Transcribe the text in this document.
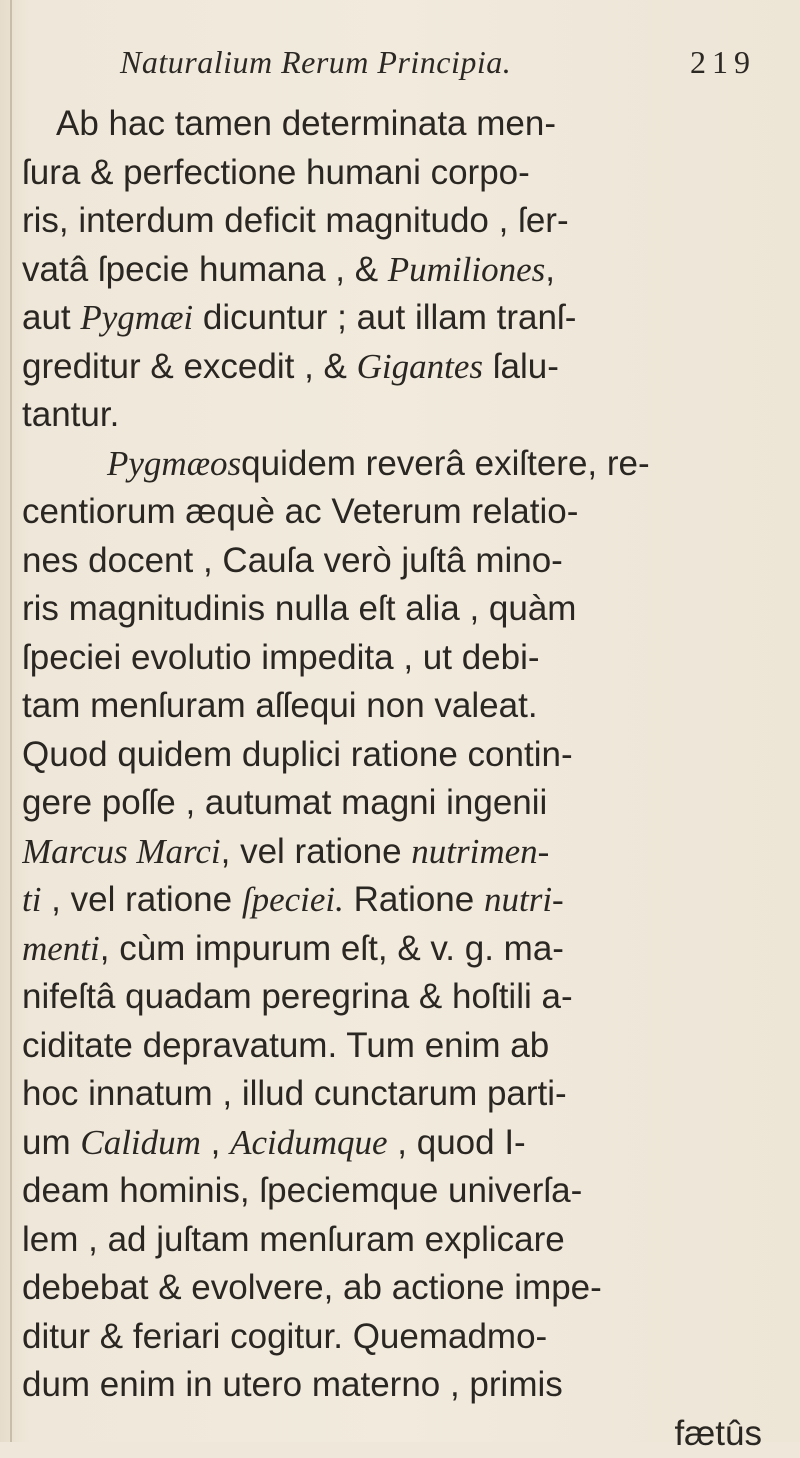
Naturalium Rerum Principia.	219
Ab hac tamen determinata men-
ſura & perfectione humani corpo-
ris, interdum deficit magnitudo , ſer-
vatâ ſpecie humana , & Pumiliones,
aut Pygmæi dicuntur ; aut illam tranſ-
greditur & excedit , & Gigantes ſalu-
tantur.
Pygmæosquidem reverâ exiſtere, re-
centiorum æquè ac Veterum relatio-
nes docent , Cauſa verò juſtâ mino-
ris magnitudinis nulla eſt alia , quàm
ſpeciei evolutio impedita , ut debi-
tam menſuram aſſequi non valeat.
Quod quidem duplici ratione contin-
gere poſſe , autumat magni ingenii
Marcus Marci, vel ratione nutrimen-
ti , vel ratione ſpeciei. Ratione nutri-
menti, cùm impurum eſt, & v. g. ma-
nifeſtâ quadam peregrina & hoſtili a-
ciditate depravatum. Tum enim ab
hoc innatum , illud cunctarum parti-
um Calidum , Acidumque , quod I-
deam hominis, ſpeciemque univerſa-
lem , ad juſtam menſuram explicare
debebat & evolvere, ab actione impe-
ditur & feriari cogitur. Quemadmo-
dum enim in utero materno , primis
fætûs
